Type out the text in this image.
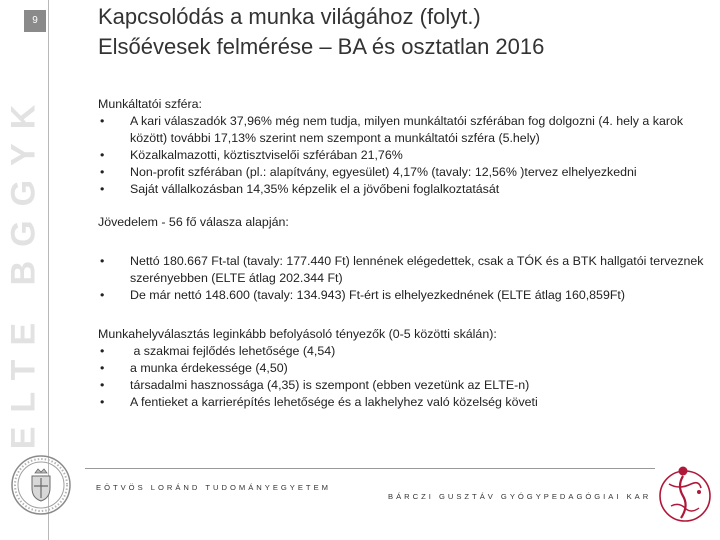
9
ELTE BGGYK
Kapcsolódás a munka világához (folyt.)
Elsőévesek felmérése – BA és osztatlan 2016

Munkáltatói szféra:

•	A kari válaszadók 37,96% még nem tudja, milyen munkáltatói szférában fog dolgozni (4. hely a karok között) további 17,13% szerint nem szempont a munkáltatói szféra (5.hely)
•	Közalkalmazotti, köztisztviselői szférában 21,76%
•	Non-profit szférában (pl.: alapítvány, egyesület) 4,17% (tavaly: 12,56% )tervez elhelyezkedni
•	Saját vállalkozásban 14,35% képzelik el a jövőbeni foglalkoztatását

Jövedelem - 56 fő válasza alapján:

•	Nettó 180.667 Ft-tal (tavaly: 177.440 Ft) lennének elégedettek, csak a TÓK és a BTK hallgatói terveznek szerényebben (ELTE átlag 202.344 Ft)
•	De már nettó 148.600 (tavaly: 134.943) Ft-ért is elhelyezkednének (ELTE átlag 160,859Ft)

Munkahelyválasztás leginkább befolyásoló tényezők (0-5 közötti skálán):

•	a szakmai fejlődés lehetősége (4,54)
•	a munka érdekessége (4,50)
•	társadalmi hasznossága (4,35) is szempont (ebben vezetünk az ELTE-n)
•	A fentieket a karrierépítés lehetősége és a lakhelyhez való közelség követi
EÖTVÖS LORÁND TUDOMÁNYEGYETEM
BÁRCZI GUSZTÁV GYÓGYPEDAGÓGIAI KAR
